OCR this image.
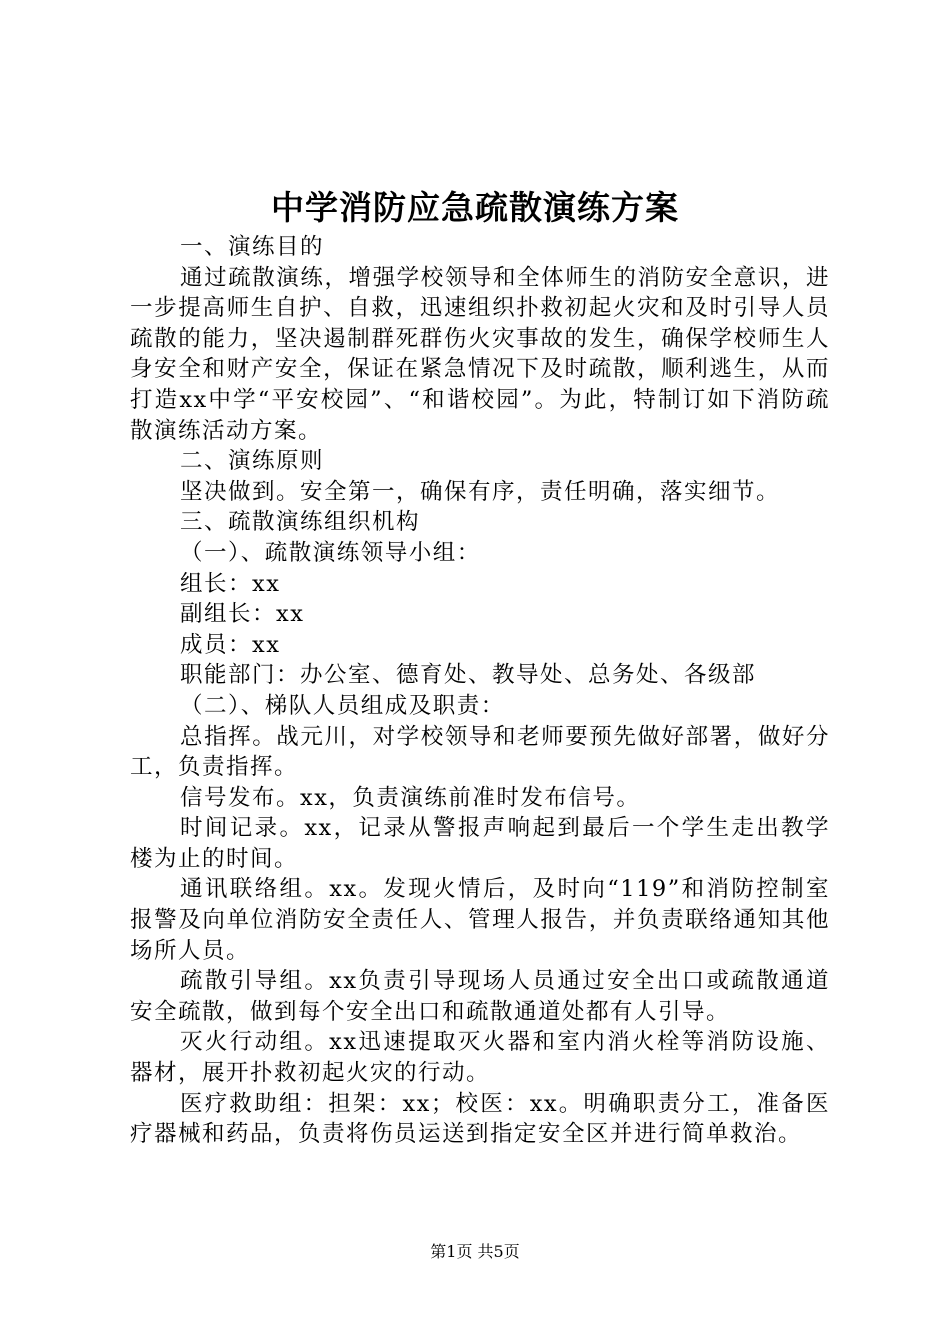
中学消防应急疏散演练方案

一、演练目的

通过疏散演练，增强学校领导和全体师生的消防安全意识，进一步提高师生自护、自救，迅速组织扑救初起火灾和及时引导人员疏散的能力，坚决遏制群死群伤火灾事故的发生，确保学校师生人身安全和财产安全，保证在紧急情况下及时疏散，顺利逃生，从而打造xx中学“平安校园”、“和谐校园”。为此，特制订如下消防疏散演练活动方案。

二、演练原则

坚决做到。安全第一，确保有序，责任明确，落实细节。

三、疏散演练组织机构

（一）、疏散演练领导小组：

组长：xx

副组长：xx

成员：xx

职能部门：办公室、德育处、教导处、总务处、各级部

（二）、梯队人员组成及职责：

总指挥。战元川，对学校领导和老师要预先做好部署，做好分工，负责指挥。

信号发布。xx，负责演练前准时发布信号。

时间记录。xx，记录从警报声响起到最后一个学生走出教学楼为止的时间。

通讯联络组。xx。发现火情后，及时向“119”和消防控制室报警及向单位消防安全责任人、管理人报告，并负责联络通知其他场所人员。

疏散引导组。xx负责引导现场人员通过安全出口或疏散通道安全疏散，做到每个安全出口和疏散通道处都有人引导。

灭火行动组。xx迅速提取灭火器和室内消火栓等消防设施、器材，展开扑救初起火灾的行动。

医疗救助组：担架：xx；校医：xx。明确职责分工，准备医疗器械和药品，负责将伤员运送到指定安全区并进行简单救治。

第1页 共5页
